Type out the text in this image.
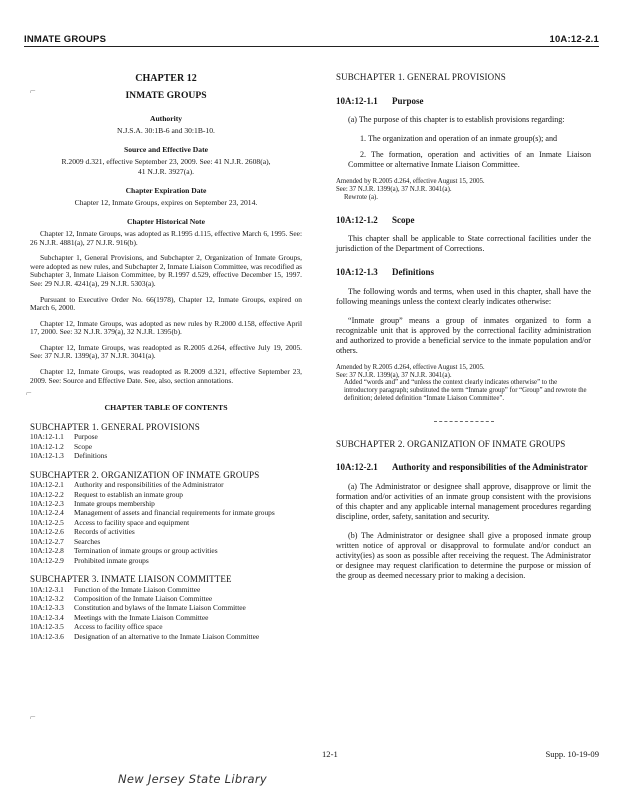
INMATE GROUPS	10A:12-2.1
⌐
⌐
⌐
CHAPTER 12
INMATE GROUPS
Authority
N.J.S.A. 30:1B-6 and 30:1B-10.
Source and Effective Date
R.2009 d.321, effective September 23, 2009. See: 41 N.J.R. 2608(a), 41 N.J.R. 3927(a).
Chapter Expiration Date
Chapter 12, Inmate Groups, expires on September 23, 2014.
Chapter Historical Note
Chapter 12, Inmate Groups, was adopted as R.1995 d.115, effective March 6, 1995. See: 26 N.J.R. 4881(a), 27 N.J.R. 916(b).
Subchapter 1, General Provisions, and Subchapter 2, Organization of Inmate Groups, were adopted as new rules, and Subchapter 2, Inmate Liaison Committee, was recodified as Subchapter 3, Inmate Liaison Committee, by R.1997 d.529, effective December 15, 1997. See: 29 N.J.R. 4241(a), 29 N.J.R. 5303(a).
Pursuant to Executive Order No. 66(1978), Chapter 12, Inmate Groups, expired on March 6, 2000.
Chapter 12, Inmate Groups, was adopted as new rules by R.2000 d.158, effective April 17, 2000. See: 32 N.J.R. 379(a), 32 N.J.R. 1395(b).
Chapter 12, Inmate Groups, was readopted as R.2005 d.264, effective July 19, 2005. See: 37 N.J.R. 1399(a), 37 N.J.R. 3041(a).
Chapter 12, Inmate Groups, was readopted as R.2009 d.321, effective September 23, 2009. See: Source and Effective Date. See, also, section annotations.
CHAPTER TABLE OF CONTENTS
SUBCHAPTER 1. GENERAL PROVISIONS
10A:12-1.1	Purpose
10A:12-1.2	Scope
10A:12-1.3	Definitions
SUBCHAPTER 2. ORGANIZATION OF INMATE GROUPS
10A:12-2.1	Authority and responsibilities of the Administrator
10A:12-2.2	Request to establish an inmate group
10A:12-2.3	Inmate groups membership
10A:12-2.4	Management of assets and financial requirements for inmate groups
10A:12-2.5	Access to facility space and equipment
10A:12-2.6	Records of activities
10A:12-2.7	Searches
10A:12-2.8	Termination of inmate groups or group activities
10A:12-2.9	Prohibited inmate groups
SUBCHAPTER 3. INMATE LIAISON COMMITTEE
10A:12-3.1	Function of the Inmate Liaison Committee
10A:12-3.2	Composition of the Inmate Liaison Committee
10A:12-3.3	Constitution and bylaws of the Inmate Liaison Committee
10A:12-3.4	Meetings with the Inmate Liaison Committee
10A:12-3.5	Access to facility office space
10A:12-3.6	Designation of an alternative to the Inmate Liaison Committee
SUBCHAPTER 1. GENERAL PROVISIONS
10A:12-1.1	Purpose
(a) The purpose of this chapter is to establish provisions regarding:
1. The organization and operation of an inmate group(s); and
2. The formation, operation and activities of an Inmate Liaison Committee or alternative Inmate Liaison Committee.
Amended by R.2005 d.264, effective August 15, 2005.
See: 37 N.J.R. 1399(a), 37 N.J.R. 3041(a).
Rewrote (a).
10A:12-1.2	Scope
This chapter shall be applicable to State correctional facilities under the jurisdiction of the Department of Corrections.
10A:12-1.3	Definitions
The following words and terms, when used in this chapter, shall have the following meanings unless the context clearly indicates otherwise:
“Inmate group” means a group of inmates organized to form a recognizable unit that is approved by the correctional facility administration and authorized to provide a beneficial service to the inmate population and/or others.
Amended by R.2005 d.264, effective August 15, 2005.
See: 37 N.J.R. 1399(a), 37 N.J.R. 3041(a).
Added “words and” and “unless the context clearly indicates otherwise” to the introductory paragraph; substituted the term “Inmate group” for “Group” and rewrote the definition; deleted definition “Inmate Liaison Committee”.
SUBCHAPTER 2. ORGANIZATION OF INMATE GROUPS
10A:12-2.1	Authority and responsibilities of the Administrator
(a) The Administrator or designee shall approve, disapprove or limit the formation and/or activities of an inmate group consistent with the provisions of this chapter and any applicable internal management procedures regarding discipline, order, safety, sanitation and security.
(b) The Administrator or designee shall give a proposed inmate group written notice of approval or disapproval to formulate and/or conduct an activity(ies) as soon as possible after receiving the request. The Administrator or designee may request clarification to determine the purpose or mission of the group as deemed necessary prior to making a decision.
12-1	Supp. 10-19-09
New Jersey State Library
